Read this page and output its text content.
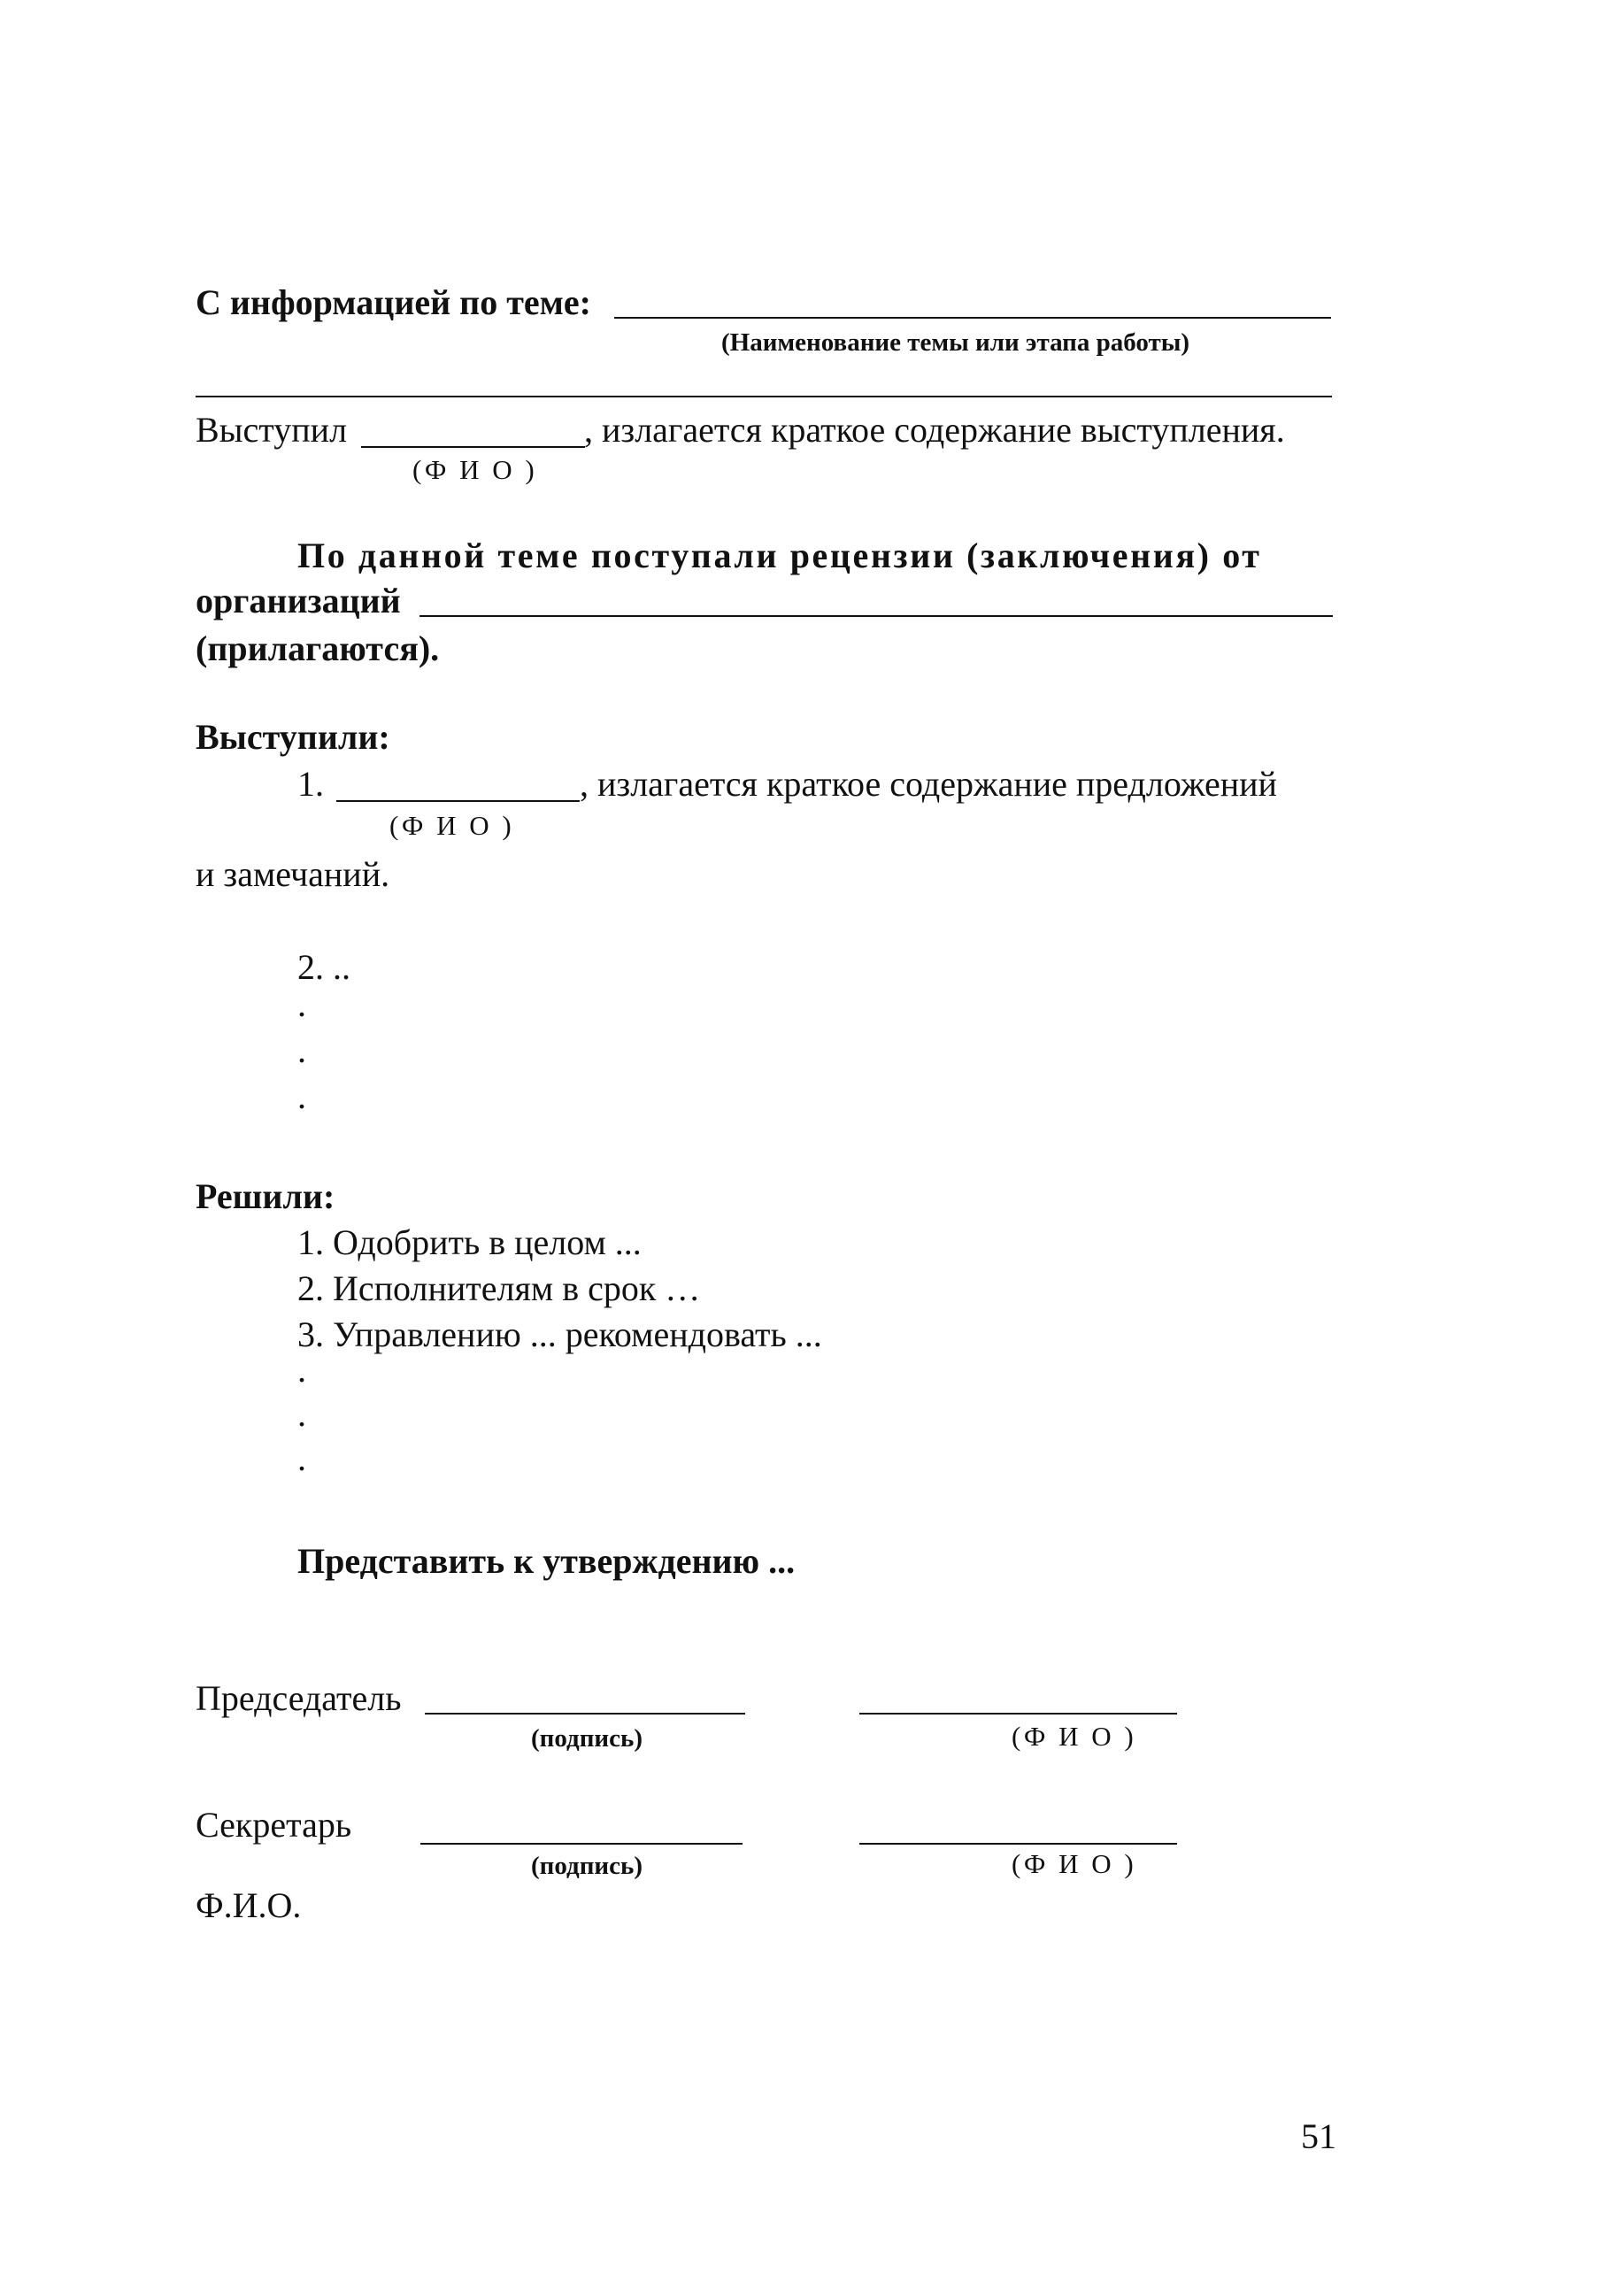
С информацией по теме:
(Наименование темы или этапа работы)
Выступил	, излагается краткое содержание выступления.
(Ф И О )
По данной теме поступали рецензии (заключения) от
организаций
(прилагаются).
Выступили:
1.	, излагается краткое содержание предложений
(Ф И О )
и замечаний.
2. ..
.
.
.
Решили:
1. Одобрить в целом ...
2. Исполнителям в срок …
3. Управлению ... рекомендовать ...
.
.
.
Представить к утверждению ...
Председатель
(подпись)	(Ф И О )
Секретарь
(подпись)	(Ф И О )
Ф.И.О.
51
